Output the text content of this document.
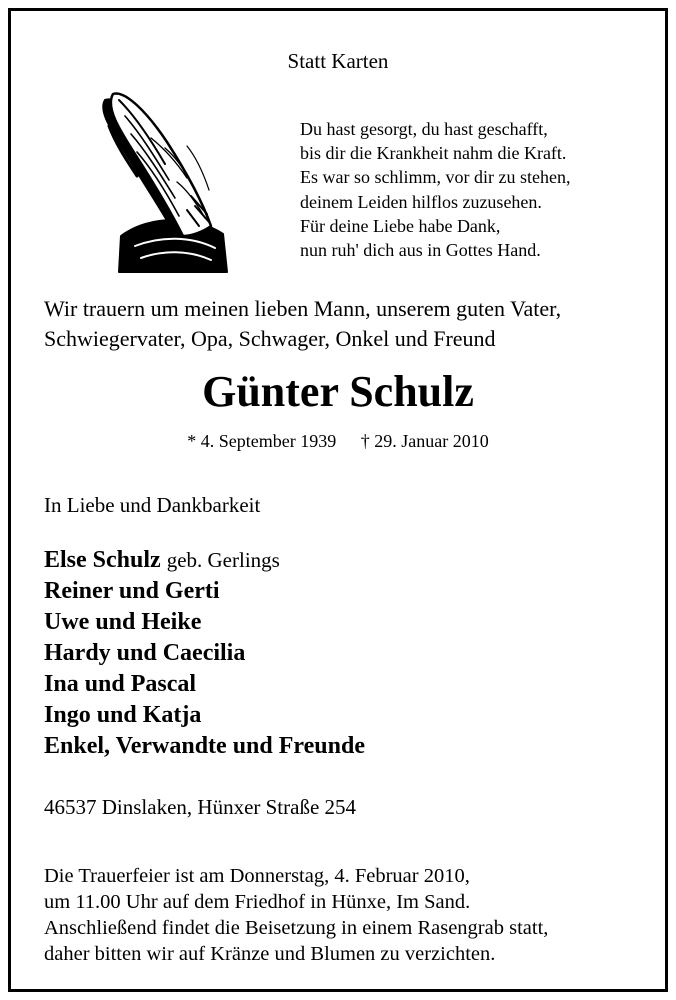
Statt Karten
Du hast gesorgt, du hast geschafft,
bis dir die Krankheit nahm die Kraft.
Es war so schlimm, vor dir zu stehen,
deinem Leiden hilflos zuzusehen.
Für deine Liebe habe Dank,
nun ruh' dich aus in Gottes Hand.
Wir trauern um meinen lieben Mann, unserem guten Vater,
Schwiegervater, Opa, Schwager, Onkel und Freund
Günter Schulz
* 4. September 1939 † 29. Januar 2010
In Liebe und Dankbarkeit
Else Schulz geb. Gerlings
Reiner und Gerti
Uwe und Heike
Hardy und Caecilia
Ina und Pascal
Ingo und Katja
Enkel, Verwandte und Freunde
46537 Dinslaken, Hünxer Straße 254
Die Trauerfeier ist am Donnerstag, 4. Februar 2010,
um 11.00 Uhr auf dem Friedhof in Hünxe, Im Sand.
Anschließend findet die Beisetzung in einem Rasengrab statt,
daher bitten wir auf Kränze und Blumen zu verzichten.
